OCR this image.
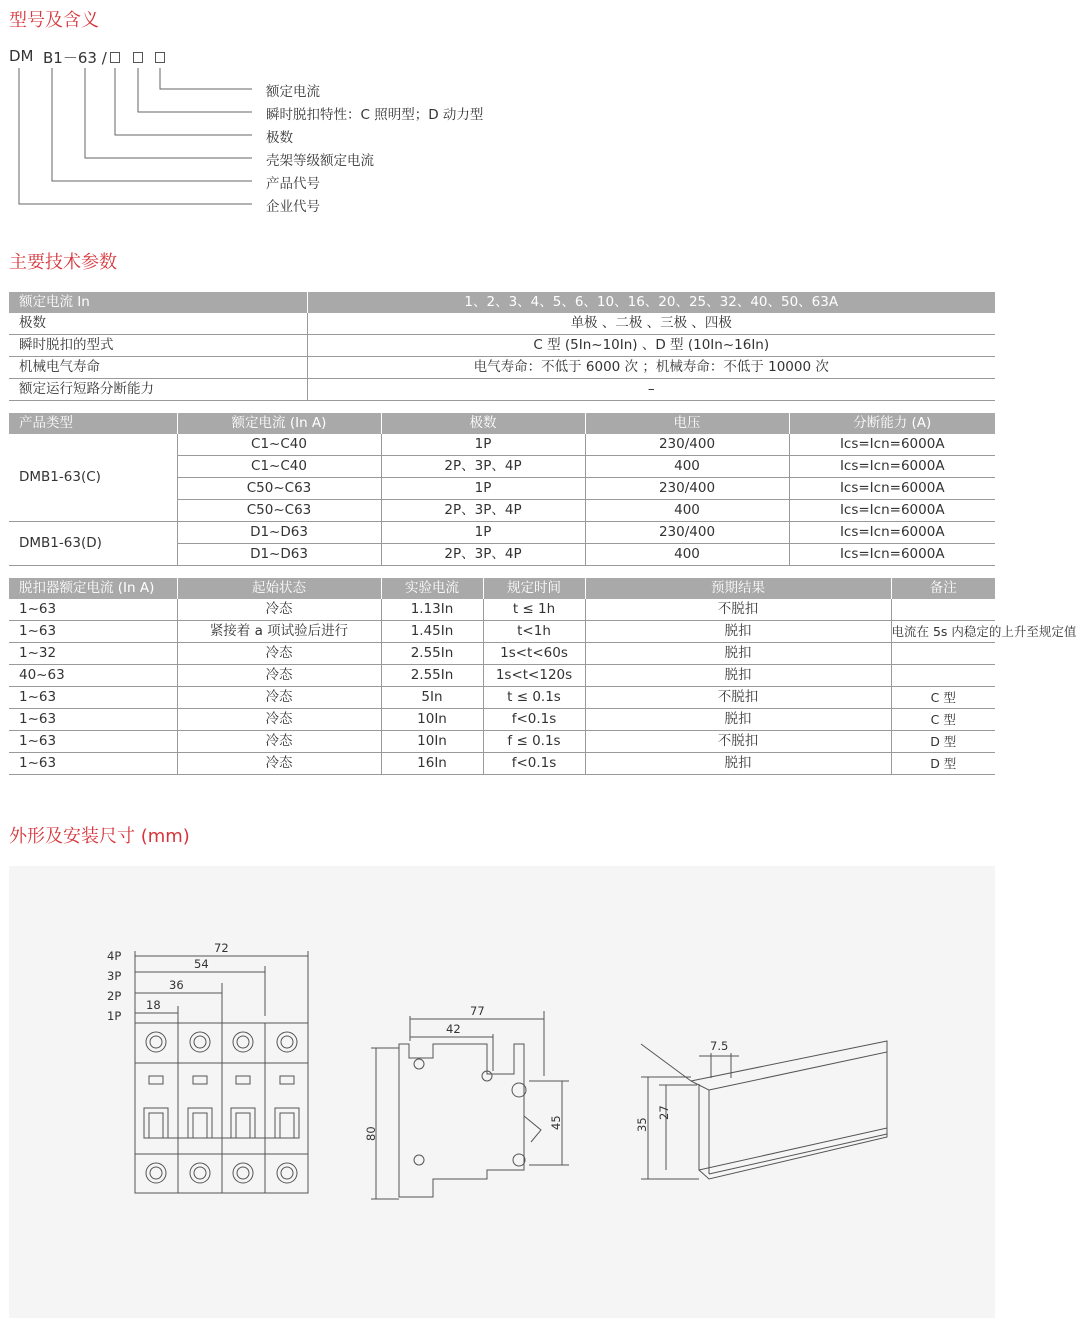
型号及含义
DM B1－63 /
额定电流
瞬时脱扣特性：C 照明型；D 动力型
极数
壳架等级额定电流
产品代号
企业代号
主要技术参数
额定电流 In	1、2、3、4、5、6、10、16、20、25、32、40、50、63A
极数	单极 、二极 、三极 、四极
瞬时脱扣的型式	C 型 (5In~10In) 、D 型 (10In~16In)
机械电气寿命	电气寿命：不低于 6000 次 ；机械寿命：不低于 10000 次
额定运行短路分断能力	–
产品类型	额定电流 (In A)	极数	电压	分断能力 (A)
DMB1-63(C)	C1~C40	1P	230/400	Ics=Icn=6000A
	C1~C40	2P、3P、4P	400	Ics=Icn=6000A
	C50~C63	1P	230/400	Ics=Icn=6000A
	C50~C63	2P、3P、4P	400	Ics=Icn=6000A
DMB1-63(D)	D1~D63	1P	230/400	Ics=Icn=6000A
	D1~D63	2P、3P、4P	400	Ics=Icn=6000A
脱扣器额定电流 (In A)	起始状态	实验电流	规定时间	预期结果	备注
1~63	冷态	1.13In	t ≤ 1h	不脱扣	
1~63	紧接着 a 项试验后进行	1.45In	t<1h	脱扣	电流在 5s 内稳定的上升至规定值
1~32	冷态	2.55In	1s<t<60s	脱扣	
40~63	冷态	2.55In	1s<t<120s	脱扣	
1~63	冷态	5In	t ≤ 0.1s	不脱扣	C 型
1~63	冷态	10In	f<0.1s	脱扣	C 型
1~63	冷态	10In	f ≤ 0.1s	不脱扣	D 型
1~63	冷态	16In	f<0.1s	脱扣	D 型
外形及安装尺寸 (mm)
4P
3P
2P
1P
72
54
36
18	77
42
80
45
7.5
35
27
